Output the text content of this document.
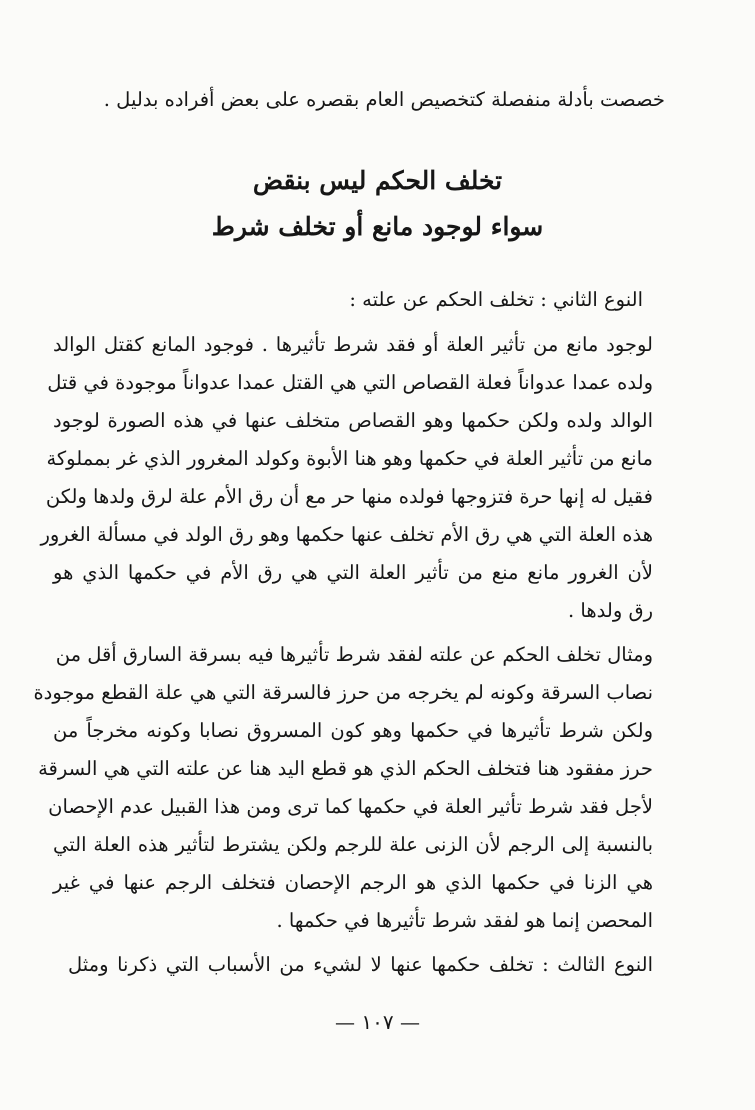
خصصت بأدلة منفصلة كتخصيص العام بقصره على بعض أفراده بدليل .
تخلف الحكم ليس بنقض
سواء لوجود مانع أو تخلف شرط
النوع الثاني : تخلف الحكم عن علته :
لوجود مانع من تأثير العلة أو فقد شرط تأثيرها . فوجود المانع كقتل الوالد
ولده عمدا عدواناً فعلة القصاص التي هي القتل عمدا عدواناً موجودة في قتل
الوالد ولده ولكن حكمها وهو القصاص متخلف عنها في هذه الصورة لوجود
مانع من تأثير العلة في حكمها وهو هنا الأبوة وكولد المغرور الذي غر بمملوكة
فقيل له إنها حرة فتزوجها فولده منها حر مع أن رق الأم علة لرق ولدها ولكن
هذه العلة التي هي رق الأم تخلف عنها حكمها وهو رق الولد في مسألة الغرور
لأن الغرور مانع منع من تأثير العلة التي هي رق الأم في حكمها الذي هو
رق ولدها .
ومثال تخلف الحكم عن علته لفقد شرط تأثيرها فيه بسرقة السارق أقل من
نصاب السرقة وكونه لم يخرجه من حرز فالسرقة التي هي علة القطع موجودة
ولكن شرط تأثيرها في حكمها وهو كون المسروق نصابا وكونه مخرجاً من
حرز مفقود هنا فتخلف الحكم الذي هو قطع اليد هنا عن علته التي هي السرقة
لأجل فقد شرط تأثير العلة في حكمها كما ترى ومن هذا القبيل عدم الإحصان
بالنسبة إلى الرجم لأن الزنى علة للرجم ولكن يشترط لتأثير هذه العلة التي
هي الزنا في حكمها الذي هو الرجم الإحصان فتخلف الرجم عنها في غير
المحصن إنما هو لفقد شرط تأثيرها في حكمها .
النوع الثالث : تخلف حكمها عنها لا لشيء من الأسباب التي ذكرنا ومثل
— ١٠٧ —
